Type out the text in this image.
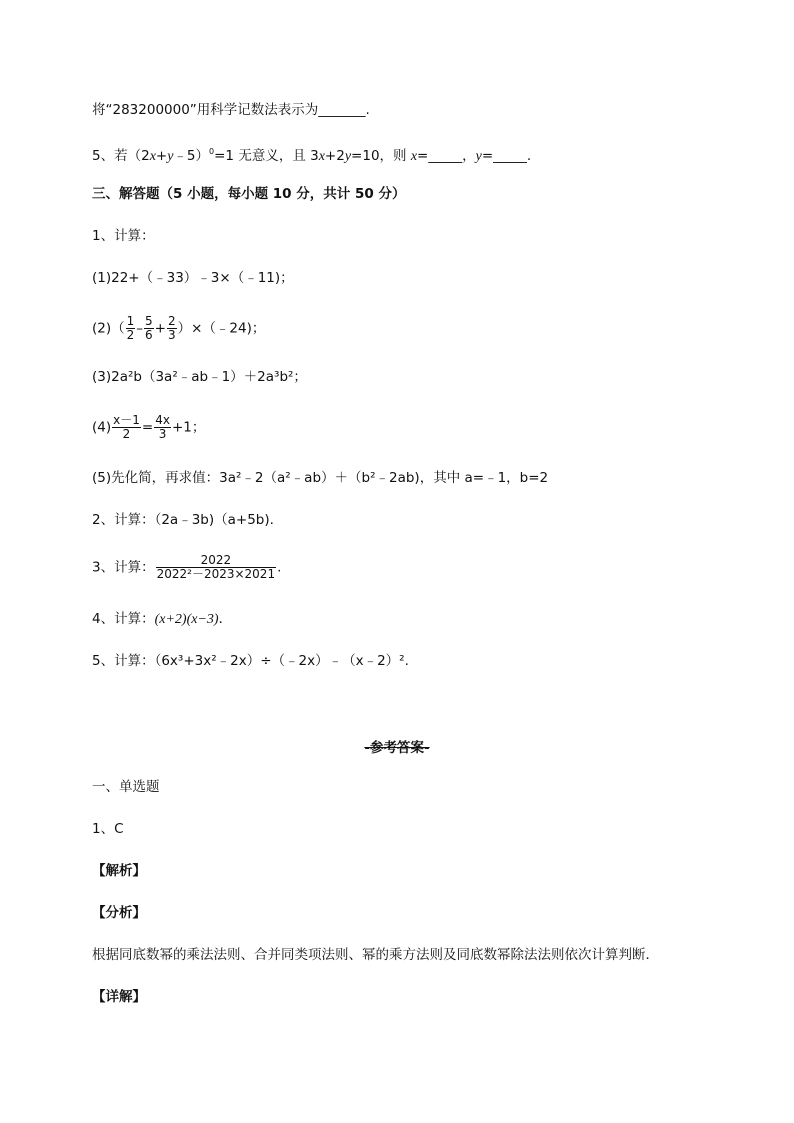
将“283200000”用科学记数法表示为_______.
5、若（2x+y﹣5）$^0$=1 无意义，且 3x+2y=10，则 x=_____，y=_____.
三、解答题（5 小题，每小题 10 分，共计 50 分）
1、计算：
(1)22+（﹣33）﹣3×（﹣11)；
$(2)( \frac{1}{2} - \frac{5}{6} + \frac{2}{3}$ ）×（﹣24)；
(3)2a²b（3a²﹣ab﹣1）＋2a³b²；
$(4) \frac{x-1}{2} = \frac{4x}{3} +1$；
(5)先化简，再求值：3a²﹣2（a²﹣ab）＋（b²﹣2ab)，其中 a=﹣1，b=2
2、计算：（2a﹣3b)（a+5b).
3、计算： $\frac{2022}{\text{2022²－2023×2021}}$ .
4、计算：(x+2)(x−3)．
5、计算：（6x³+3x²﹣2x）÷（﹣2x）﹣（x﹣2）².
-参考答案-
一、单选题
1、C
【解析】
【分析】
根据同底数幂的乘法法则、合并同类项法则、幂的乘方法则及同底数幂除法法则依次计算判断．
【详解】
